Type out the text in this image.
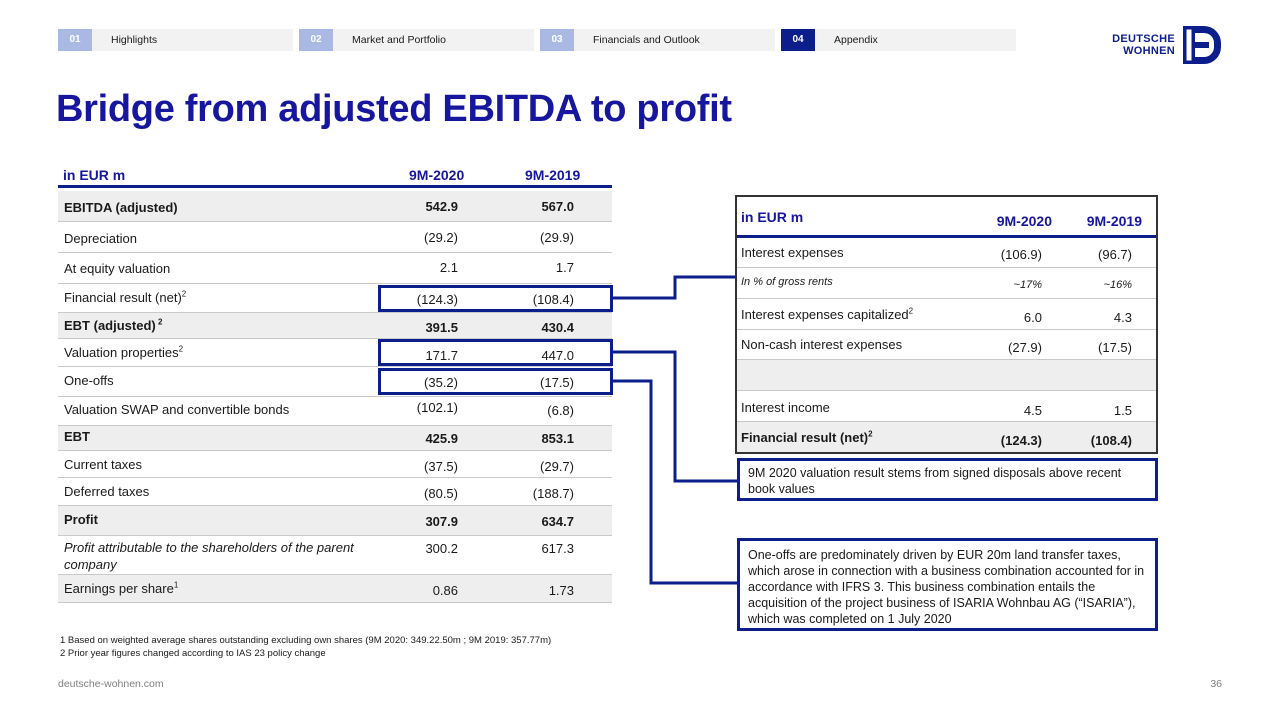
01	Highlights	02	Market and Portfolio	03	Financials and Outlook	04	Appendix	DEUTSCHE
WOHNEN
Bridge from adjusted EBITDA to profit
in EUR m	9M-2020	9M-2019
EBITDA (adjusted)	542.9	567.0
Depreciation	(29.2)	(29.9)
At equity valuation	2.1	1.7
Financial result (net)$^2$	(124.3)	(108.4)
EBT (adjusted) $^2$	391.5	430.4
Valuation properties$^2$	171.7	447.0
One-offs	(35.2)	(17.5)
Valuation SWAP and convertible bonds	(102.1)	(6.8)
EBT	425.9	853.1
Current taxes	(37.5)	(29.7)
Deferred taxes	(80.5)	(188.7)
Profit	307.9	634.7
Profit attributable to the shareholders of the parent company
300.2	617.3
Earnings per share$^1$	0.86	1.73
in EUR m	9M-2020 9M-2019
Interest expenses	(106.9)	(96.7)
In % of gross rents	~17%	~16%
Interest expenses capitalized$^2$	6.0	4.3
Non-cash interest expenses	(27.9)	(17.5)
Interest income	4.5	1.5
Financial result (net)$^2$	(124.3)	(108.4)
9M 2020 valuation result stems from signed disposals above recent book values
One-offs are predominately driven by EUR 20m land transfer taxes, which arose in connection with a business combination accounted for in accordance with IFRS 3. This business combination entails the acquisition of the project business of ISARIA Wohnbau AG (“ISARIA”), which was completed on 1 July 2020
1 Based on weighted average shares outstanding excluding own shares (9M 2020: 349.22.50m ; 9M 2019: 357.77m)
2 Prior year figures changed according to IAS 23 policy change
deutsche-wohnen.com	36
